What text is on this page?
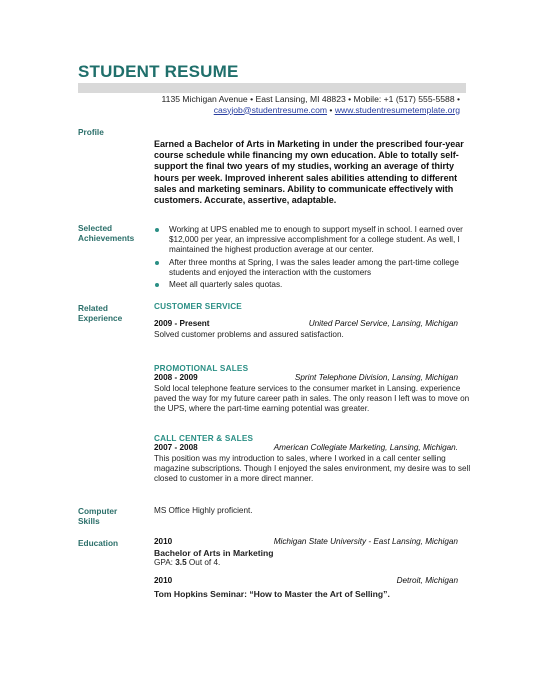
STUDENT RESUME
1135 Michigan Avenue • East Lansing, MI 48823 • Mobile: +1 (517) 555-5588 •
casyjob@studentresume.com • www.studentresumetemplate.org
Profile
Earned a Bachelor of Arts in Marketing in under the prescribed four-year course schedule while financing my own education. Able to totally self-support the final two years of my studies, working an average of thirty hours per week. Improved inherent sales abilities attending to different sales and marketing seminars. Ability to communicate effectively with customers. Accurate, assertive, adaptable.
Selected
Achievements
Working at UPS enabled me to enough to support myself in school. I earned over $12,000 per year, an impressive accomplishment for a college student. As well, I maintained the highest production average at our center.
After three months at Spring, I was the sales leader among the part-time college students and enjoyed the interaction with the customers
Meet all quarterly sales quotas.
Related
Experience
CUSTOMER SERVICE
2009 - Present	United Parcel Service, Lansing, Michigan
Solved customer problems and assured satisfaction.
PROMOTIONAL SALES
2008 - 2009	Sprint Telephone Division, Lansing, Michigan
Sold local telephone feature services to the consumer market in Lansing. experience paved the way for my future career path in sales. The only reason I left was to move on the UPS, where the part-time earning potential was greater.
CALL CENTER & SALES
2007 - 2008	American Collegiate Marketing, Lansing, Michigan.
This position was my introduction to sales, where I worked in a call center selling magazine subscriptions. Though I enjoyed the sales environment, my desire was to sell closed to customer in a more direct manner.
Computer
Skills
MS Office Highly proficient.
Education	2010	Michigan State University - East Lansing, Michigan
Bachelor of Arts in Marketing
GPA: 3.5 Out of 4.
2010	Detroit, Michigan
Tom Hopkins Seminar: “How to Master the Art of Selling”.
